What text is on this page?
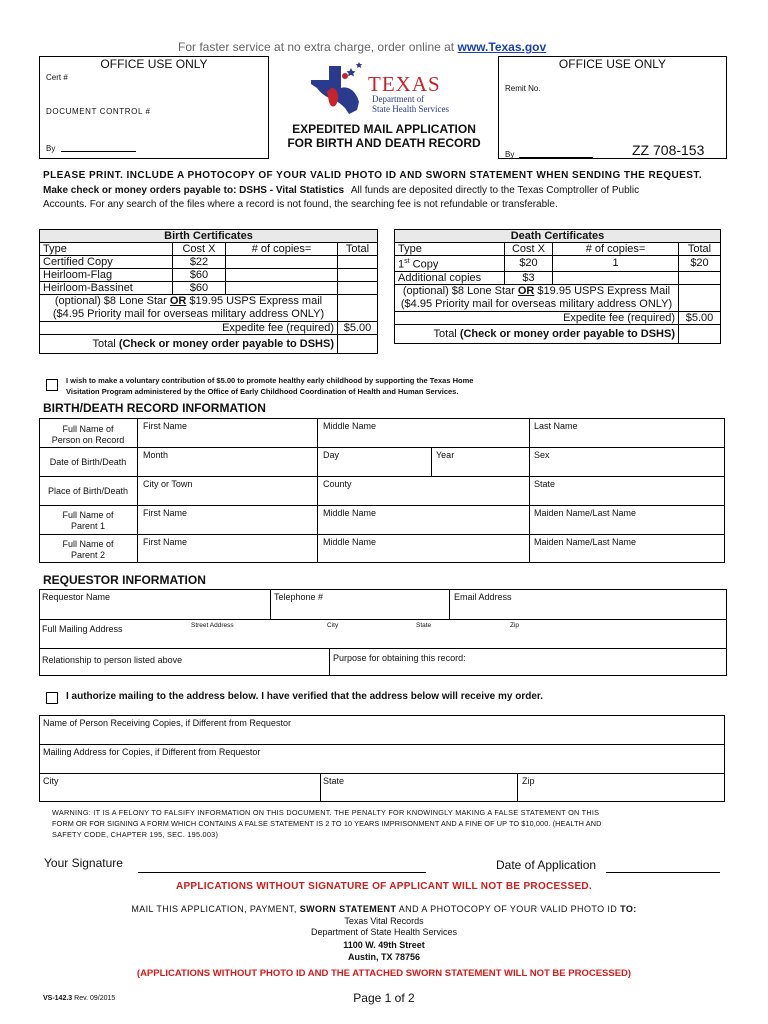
For faster service at no extra charge, order online at www.Texas.gov
OFFICE USE ONLY
Cert #
DOCUMENT CONTROL #
By
OFFICE USE ONLY
Remit No.
By	ZZ 708-153
TEXAS
Department of
State Health Services
EXPEDITED MAIL APPLICATION
FOR BIRTH AND DEATH RECORD
PLEASE PRINT. INCLUDE A PHOTOCOPY OF YOUR VALID PHOTO ID AND SWORN STATEMENT WHEN SENDING THE REQUEST.
Make check or money orders payable to: DSHS - Vital Statistics All funds are deposited directly to the Texas Comptroller of Public
Accounts. For any search of the files where a record is not found, the searching fee is not refundable or transferable.
Birth Certificates			
Type	Cost X	# of copies=	Total
Certified Copy	$22		
Heirloom-Flag	$60		
Heirloom-Bassinet	$60		
(optional) $8 Lone Star OR $19.95 USPS Express mail
($4.95 Priority mail for overseas military address ONLY)			
Expedite fee (required)			$5.00
Total (Check or money order payable to DSHS)			
Death Certificates			
Type	Cost X	# of copies=	Total
1st Copy	$20	1	$20
Additional copies	$3		
(optional) $8 Lone Star OR $19.95 USPS Express Mail
($4.95 Priority mail for overseas military address ONLY)			
Expedite fee (required)			$5.00
Total (Check or money order payable to DSHS)			
I wish to make a voluntary contribution of $5.00 to promote healthy early childhood by supporting the Texas Home
Visitation Program administered by the Office of Early Childhood Coordination of Health and Human Services.
BIRTH/DEATH RECORD INFORMATION
Full Name of
Person on Record
First Name	Middle Name	Last Name
Date of Birth/Death
Month	Day	Year	Sex
Place of Birth/Death
City or Town	County	State
Full Name of
Parent 1
First Name	Middle Name	Maiden Name/Last Name
Full Name of
Parent 2
First Name	Middle Name	Maiden Name/Last Name
REQUESTOR INFORMATION
Requestor Name	Telephone #	Email Address
Full Mailing Address	Street Address	City	State	Zip
Relationship to person listed above	Purpose for obtaining this record:
I authorize mailing to the address below. I have verified that the address below will receive my order.
Name of Person Receiving Copies, if Different from Requestor
Mailing Address for Copies, if Different from Requestor
City	State	Zip
WARNING: IT IS A FELONY TO FALSIFY INFORMATION ON THIS DOCUMENT. THE PENALTY FOR KNOWINGLY MAKING A FALSE STATEMENT ON THIS
FORM OR FOR SIGNING A FORM WHICH CONTAINS A FALSE STATEMENT IS 2 TO 10 YEARS IMPRISONMENT AND A FINE OF UP TO $10,000. (HEALTH AND
SAFETY CODE, CHAPTER 195, SEC. 195.003)
Your Signature	Date of Application
APPLICATIONS WITHOUT SIGNATURE OF APPLICANT WILL NOT BE PROCESSED.
MAIL THIS APPLICATION, PAYMENT, SWORN STATEMENT AND A PHOTOCOPY OF YOUR VALID PHOTO ID TO:
Texas Vital Records
Department of State Health Services
1100 W. 49th Street
Austin, TX 78756
(APPLICATIONS WITHOUT PHOTO ID AND THE ATTACHED SWORN STATEMENT WILL NOT BE PROCESSED)
VS-142.3 Rev. 09/2015	Page 1 of 2
